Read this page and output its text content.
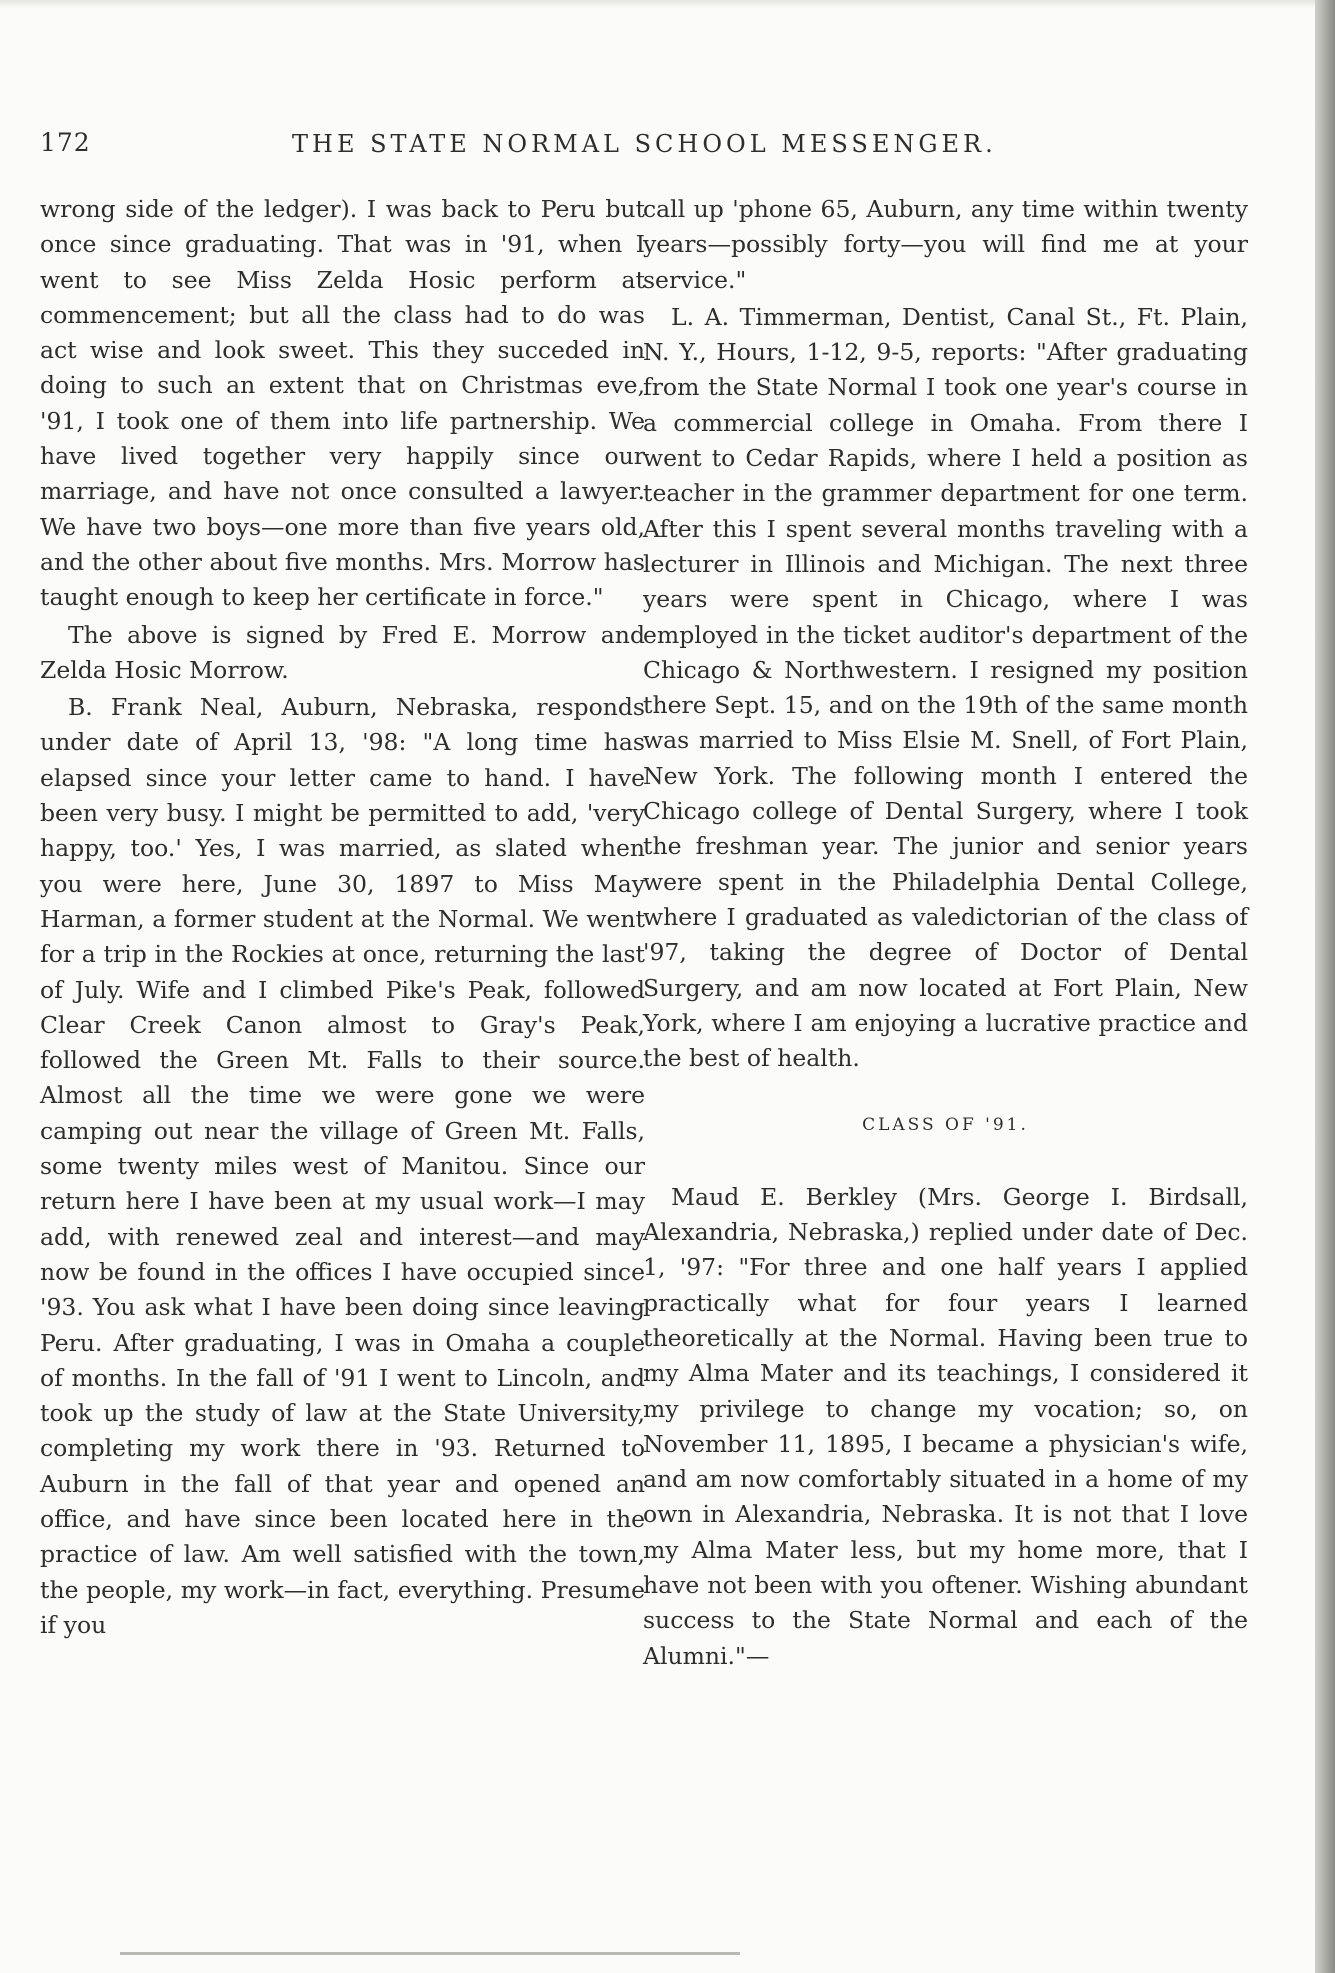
172	THE STATE NORMAL SCHOOL MESSENGER.

wrong side of the ledger). I was back to Peru but once since graduating. That was in '91, when I went to see Miss Zelda Hosic perform at commencement; but all the class had to do was act wise and look sweet. This they succeded in doing to such an extent that on Christmas eve, '91, I took one of them into life partnership. We have lived together very happily since our marriage, and have not once consulted a lawyer. We have two boys—one more than five years old, and the other about five months. Mrs. Morrow has taught enough to keep her certificate in force."

The above is signed by Fred E. Morrow and Zelda Hosic Morrow.

B. Frank Neal, Auburn, Nebraska, responds under date of April 13, '98: "A long time has elapsed since your letter came to hand. I have been very busy. I might be permitted to add, 'very happy, too.' Yes, I was married, as slated when you were here, June 30, 1897 to Miss May Harman, a former student at the Normal. We went for a trip in the Rockies at once, returning the last of July. Wife and I climbed Pike's Peak, followed Clear Creek Canon almost to Gray's Peak, followed the Green Mt. Falls to their source. Almost all the time we were gone we were camping out near the village of Green Mt. Falls, some twenty miles west of Manitou. Since our return here I have been at my usual work—I may add, with renewed zeal and interest—and may now be found in the offices I have occupied since '93. You ask what I have been doing since leaving Peru. After graduating, I was in Omaha a couple of months. In the fall of '91 I went to Lincoln, and took up the study of law at the State University, completing my work there in '93. Returned to Auburn in the fall of that year and opened an office, and have since been located here in the practice of law. Am well satisfied with the town, the people, my work—in fact, everything. Presume if you

call up 'phone 65, Auburn, any time within twenty years—possibly forty—you will find me at your service."

L. A. Timmerman, Dentist, Canal St., Ft. Plain, N. Y., Hours, 1-12, 9-5, reports: "After graduating from the State Normal I took one year's course in a commercial college in Omaha. From there I went to Cedar Rapids, where I held a position as teacher in the grammer department for one term. After this I spent several months traveling with a lecturer in Illinois and Michigan. The next three years were spent in Chicago, where I was employed in the ticket auditor's department of the Chicago & Northwestern. I resigned my position there Sept. 15, and on the 19th of the same month was married to Miss Elsie M. Snell, of Fort Plain, New York. The following month I entered the Chicago college of Dental Surgery, where I took the freshman year. The junior and senior years were spent in the Philadelphia Dental College, where I graduated as valedictorian of the class of '97, taking the degree of Doctor of Dental Surgery, and am now located at Fort Plain, New York, where I am enjoying a lucrative practice and the best of health.

CLASS OF '91.

Maud E. Berkley (Mrs. George I. Birdsall, Alexandria, Nebraska,) replied under date of Dec. 1, '97: "For three and one half years I applied practically what for four years I learned theoretically at the Normal. Having been true to my Alma Mater and its teachings, I considered it my privilege to change my vocation; so, on November 11, 1895, I became a physician's wife, and am now comfortably situated in a home of my own in Alexandria, Nebraska. It is not that I love my Alma Mater less, but my home more, that I have not been with you oftener. Wishing abundant success to the State Normal and each of the Alumni."—
